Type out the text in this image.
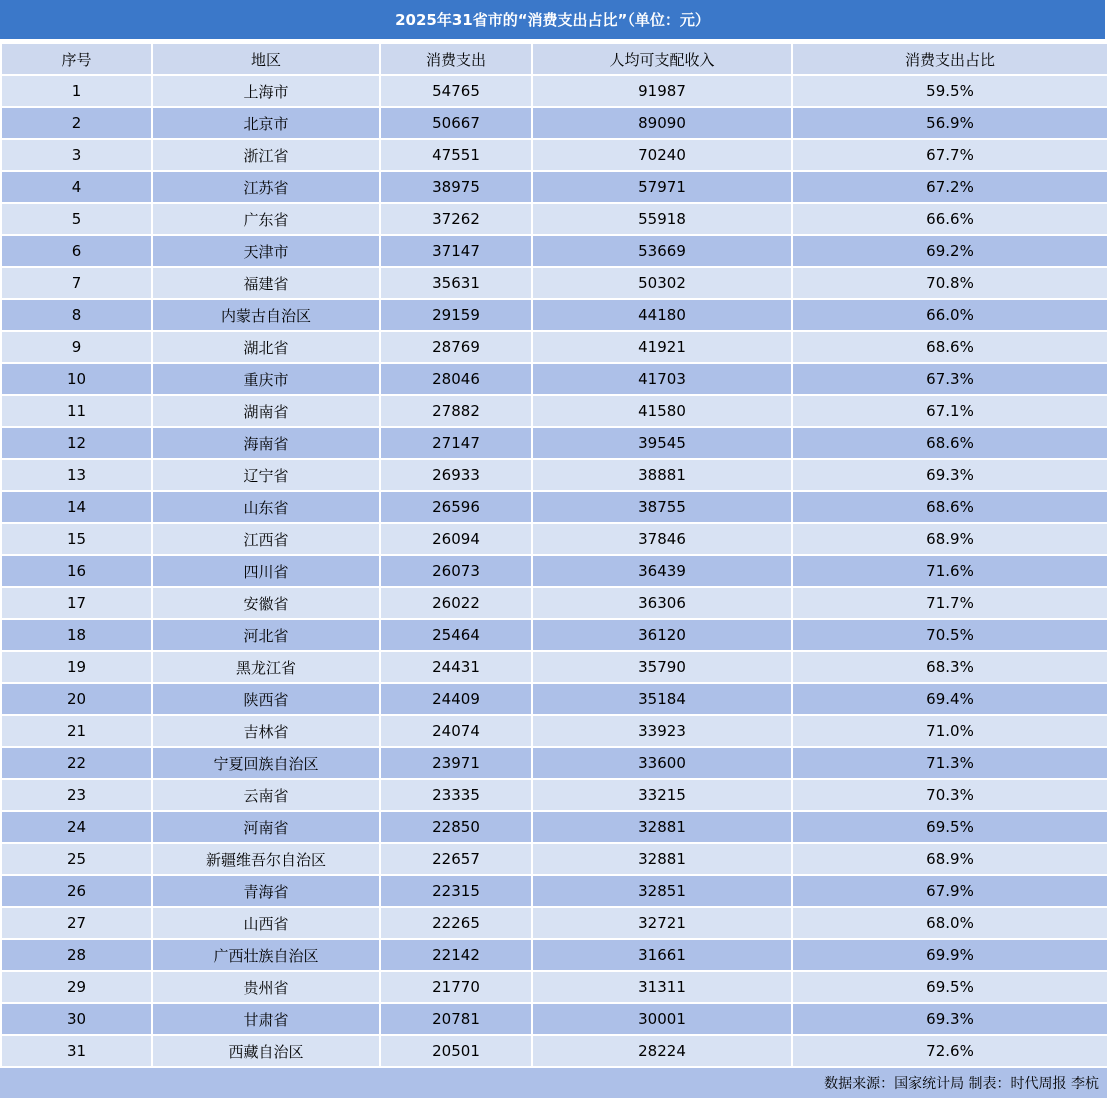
2025年31省市的“消费支出占比”（单位：元）
序号	地区	消费支出	人均可支配收入	消费支出占比
1	上海市	54765	91987	59.5%
2	北京市	50667	89090	56.9%
3	浙江省	47551	70240	67.7%
4	江苏省	38975	57971	67.2%
5	广东省	37262	55918	66.6%
6	天津市	37147	53669	69.2%
7	福建省	35631	50302	70.8%
8	内蒙古自治区	29159	44180	66.0%
9	湖北省	28769	41921	68.6%
10	重庆市	28046	41703	67.3%
11	湖南省	27882	41580	67.1%
12	海南省	27147	39545	68.6%
13	辽宁省	26933	38881	69.3%
14	山东省	26596	38755	68.6%
15	江西省	26094	37846	68.9%
16	四川省	26073	36439	71.6%
17	安徽省	26022	36306	71.7%
18	河北省	25464	36120	70.5%
19	黑龙江省	24431	35790	68.3%
20	陕西省	24409	35184	69.4%
21	吉林省	24074	33923	71.0%
22	宁夏回族自治区	23971	33600	71.3%
23	云南省	23335	33215	70.3%
24	河南省	22850	32881	69.5%
25	新疆维吾尔自治区	22657	32881	68.9%
26	青海省	22315	32851	67.9%
27	山西省	22265	32721	68.0%
28	广西壮族自治区	22142	31661	69.9%
29	贵州省	21770	31311	69.5%
30	甘肃省	20781	30001	69.3%
31	西藏自治区	20501	28224	72.6%
数据来源：国家统计局 制表：时代周报 李杭
